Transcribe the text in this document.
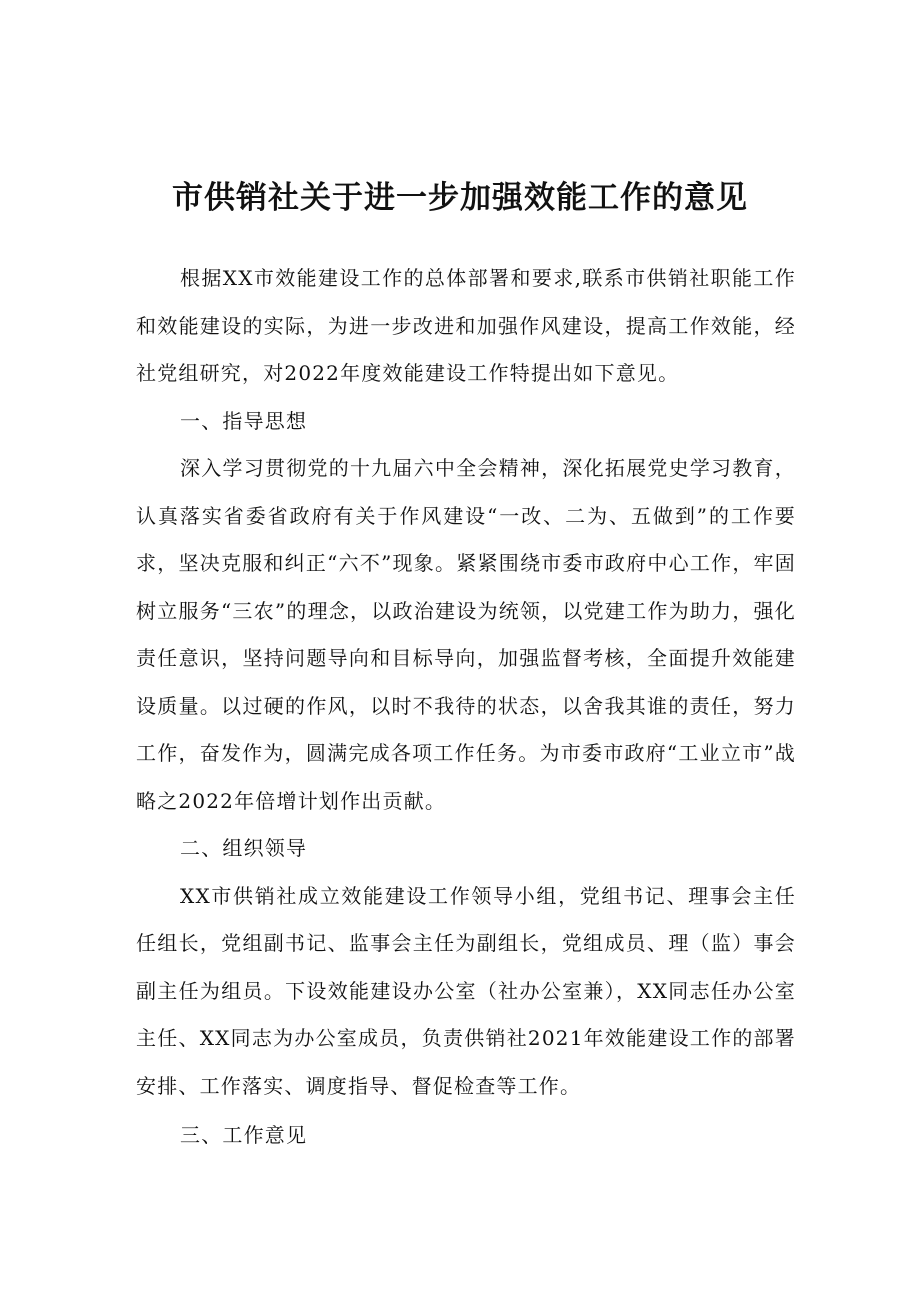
市供销社关于进一步加强效能工作的意见

根据XX市效能建设工作的总体部署和要求,联系市供销社职能工作和效能建设的实际，为进一步改进和加强作风建设，提高工作效能，经社党组研究，对2022年度效能建设工作特提出如下意见。

一、指导思想

深入学习贯彻党的十九届六中全会精神，深化拓展党史学习教育，认真落实省委省政府有关于作风建设“一改、二为、五做到”的工作要求，坚决克服和纠正“六不”现象。紧紧围绕市委市政府中心工作，牢固树立服务“三农”的理念，以政治建设为统领，以党建工作为助力，强化责任意识，坚持问题导向和目标导向，加强监督考核，全面提升效能建设质量。以过硬的作风，以时不我待的状态，以舍我其谁的责任，努力工作，奋发作为，圆满完成各项工作任务。为市委市政府“工业立市”战略之2022年倍增计划作出贡献。

二、组织领导

XX市供销社成立效能建设工作领导小组，党组书记、理事会主任任组长，党组副书记、监事会主任为副组长，党组成员、理（监）事会副主任为组员。下设效能建设办公室（社办公室兼），XX同志任办公室主任、XX同志为办公室成员，负责供销社2021年效能建设工作的部署安排、工作落实、调度指导、督促检查等工作。

三、工作意见
